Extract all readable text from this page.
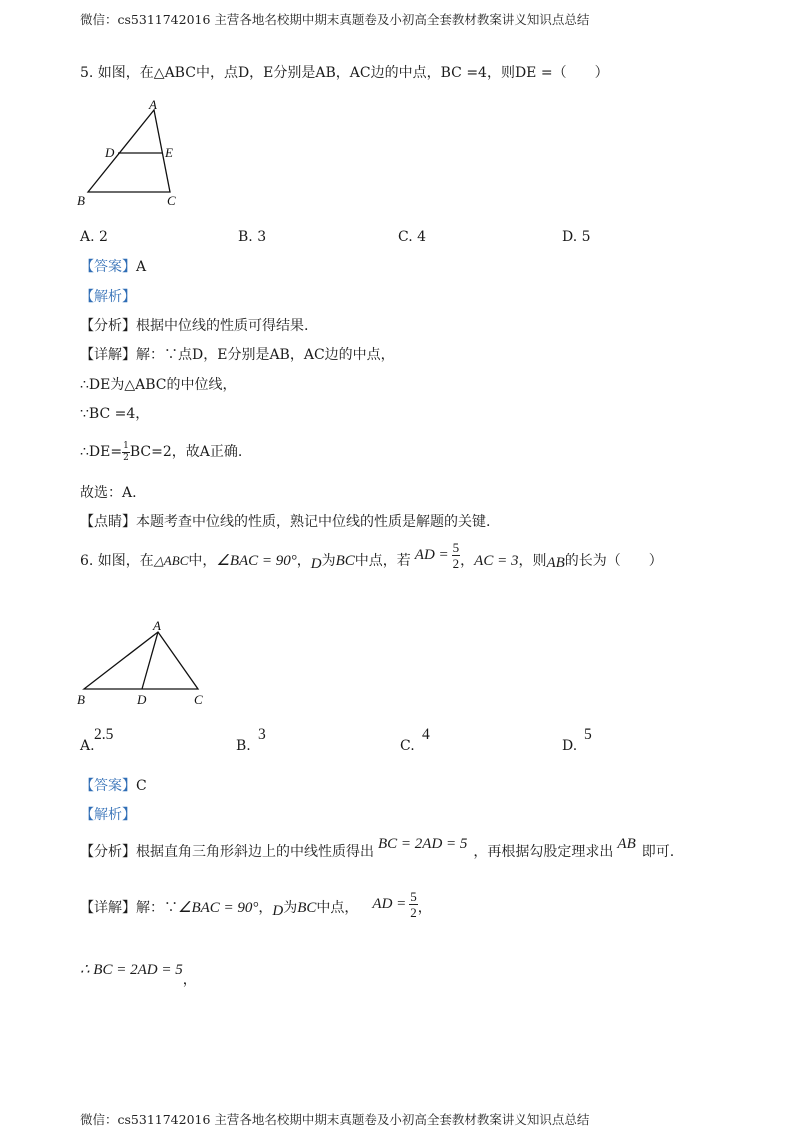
微信：cs5311742016 主营各地名校期中期末真题卷及小初高全套教材教案讲义知识点总结
5. 如图，在△ABC中，点D，E分别是AB，AC边的中点，BC =4，则DE =（　　）
A
D	E
B	C
A. 2	B. 3	C. 4	D. 5
【答案】A
【解析】
【分析】根据中位线的性质可得结果.
【详解】解：∵点D，E分别是AB，AC边的中点，
∴DE为△ABC的中位线，
∵BC =4，
∴DE= $\frac{1}{2} BC=2$，故A正确.
故选：A.
【点睛】本题考查中位线的性质，熟记中位线的性质是解题的关键.
6. 如图，在 △ABC 中， ∠BAC = 90° ， D 为 BC 中点，若 AD = $\frac{5}{2}$ ， AC = 3 ，则 AB 的长为（　　）
A
B	D	C
A.
2.5
B.
3
C.
4
D.
5
【答案】C
【解析】
【分析】 根据直角三角形斜边上的中线性质得出 BC = 2AD = 5 ，再根据勾股定理求出 AB 即可.
【详解】 解：∵ ∠BAC = 90° ， D 为 BC 中点， AD = $\frac{5}{2}$ ，
∴ BC = 2AD = 5
，
微信：cs5311742016 主营各地名校期中期末真题卷及小初高全套教材教案讲义知识点总结
